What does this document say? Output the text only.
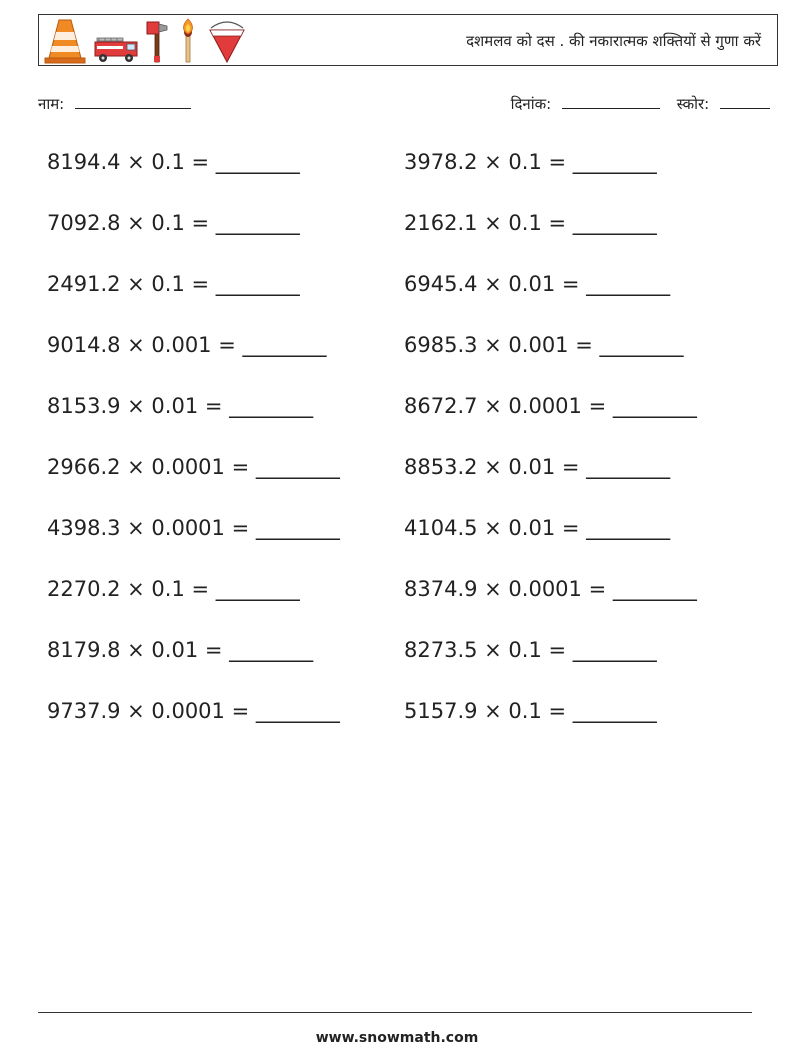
दशमलव को दस . की नकारात्मक शक्तियों से गुणा करें
नाम:	दिनांक:	स्कोर:
8194.4 × 0.1 = ________	3978.2 × 0.1 = ________
7092.8 × 0.1 = ________	2162.1 × 0.1 = ________
2491.2 × 0.1 = ________	6945.4 × 0.01 = ________
9014.8 × 0.001 = ________	6985.3 × 0.001 = ________
8153.9 × 0.01 = ________	8672.7 × 0.0001 = ________
2966.2 × 0.0001 = ________	8853.2 × 0.01 = ________
4398.3 × 0.0001 = ________	4104.5 × 0.01 = ________
2270.2 × 0.1 = ________	8374.9 × 0.0001 = ________
8179.8 × 0.01 = ________	8273.5 × 0.1 = ________
9737.9 × 0.0001 = ________	5157.9 × 0.1 = ________
www.snowmath.com
